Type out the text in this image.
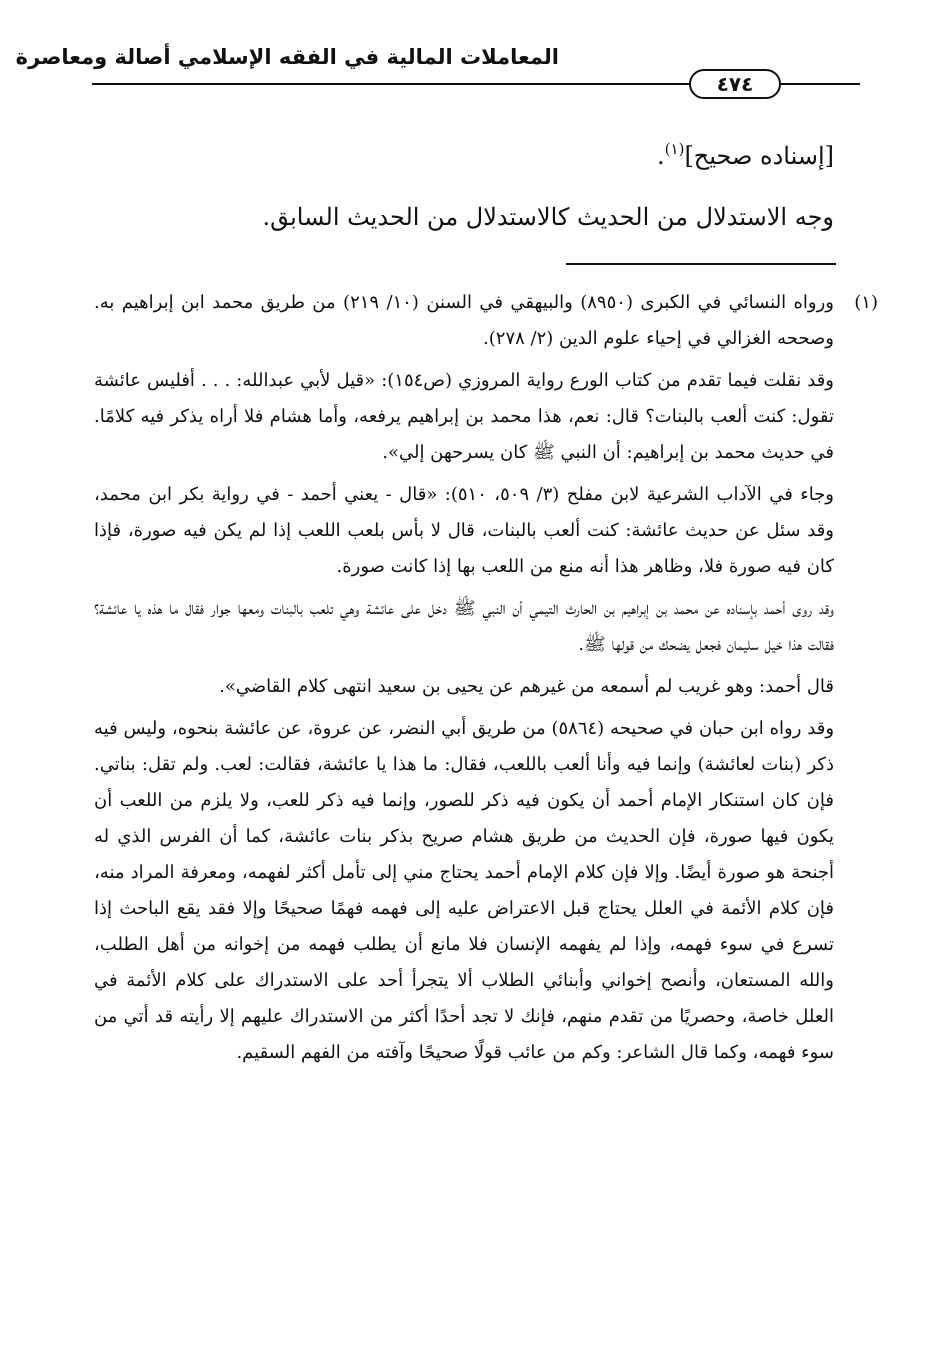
المعاملات المالية في الفقه الإسلامي أصالة ومعاصرة
٤٧٤
[إسناده صحيح]$^{(١)}$.
وجه الاستدلال من الحديث كالاستدلال من الحديث السابق.

(١)
ورواه النسائي في الكبرى (٨٩٥٠) والبيهقي في السنن (١٠/ ٢١٩) من طريق محمد ابن إبراهيم به. وصححه الغزالي في إحياء علوم الدين (٢/ ٢٧٨).

وقد نقلت فيما تقدم من كتاب الورع رواية المروزي (ص١٥٤): «قيل لأبي عبدالله: . . . أفليس عائشة تقول: كنت ألعب بالبنات؟ قال: نعم، هذا محمد بن إبراهيم يرفعه، وأما هشام فلا أراه يذكر فيه كلامًا. في حديث محمد بن إبراهيم: أن النبي ﷺ كان يسرحهن إلي».

وجاء في الآداب الشرعية لابن مفلح (٣/ ٥٠٩، ٥١٠): «قال - يعني أحمد - في رواية بكر ابن محمد، وقد سئل عن حديث عائشة: كنت ألعب بالبنات، قال لا بأس بلعب اللعب إذا لم يكن فيه صورة، فإذا كان فيه صورة فلا، وظاهر هذا أنه منع من اللعب بها إذا كانت صورة.

وقد روى أحمد بإسناده عن محمد بن إبراهيم بن الحارث التيمي أن النبي ﷺ دخل على عائشة وهي تلعب بالبنات ومعها جوار فقال ما هذه يا عائشة؟ فقالت هذا خيل سليمان فجعل يضحك من قولها ﷺ.

قال أحمد: وهو غريب لم أسمعه من غيرهم عن يحيى بن سعيد انتهى كلام القاضي».

وقد رواه ابن حبان في صحيحه (٥٨٦٤) من طريق أبي النضر، عن عروة، عن عائشة بنحوه، وليس فيه ذكر (بنات لعائشة) وإنما فيه وأنا ألعب باللعب، فقال: ما هذا يا عائشة، فقالت: لعب. ولم تقل: بناتي. فإن كان استنكار الإمام أحمد أن يكون فيه ذكر للصور، وإنما فيه ذكر للعب، ولا يلزم من اللعب أن يكون فيها صورة، فإن الحديث من طريق هشام صريح بذكر بنات عائشة، كما أن الفرس الذي له أجنحة هو صورة أيضًا. وإلا فإن كلام الإمام أحمد يحتاج مني إلى تأمل أكثر لفهمه، ومعرفة المراد منه، فإن كلام الأئمة في العلل يحتاج قبل الاعتراض عليه إلى فهمه فهمًا صحيحًا وإلا فقد يقع الباحث إذا تسرع في سوء فهمه، وإذا لم يفهمه الإنسان فلا مانع أن يطلب فهمه من إخوانه من أهل الطلب، والله المستعان، وأنصح إخواني وأبنائي الطلاب ألا يتجرأ أحد على الاستدراك على كلام الأئمة في العلل خاصة، وحصريًا من تقدم منهم، فإنك لا تجد أحدًا أكثر من الاستدراك عليهم إلا رأيته قد أتي من سوء فهمه، وكما قال الشاعر: وكم من عائب قولًا صحيحًا وآفته من الفهم السقيم.
